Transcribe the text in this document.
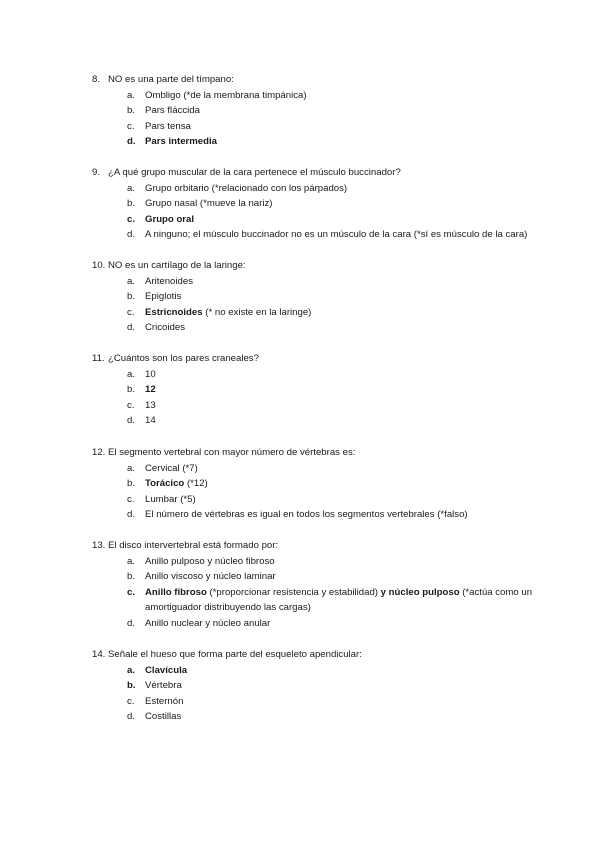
8. NO es una parte del tímpano:
a.	Ombligo (*de la membrana timpánica)
b.	Pars fláccida
c.	Pars tensa
d. Pars intermedia
9. ¿A qué grupo muscular de la cara pertenece el músculo buccinador?
a.	Grupo orbitario (*relacionado con los párpados)
b.	Grupo nasal (*mueve la nariz)
c.	Grupo oral
d.	A ninguno; el músculo buccinador no es un músculo de la cara (*sí es músculo de la cara)
10. NO es un cartílago de la laringe:
a.	Aritenoides
b.	Epiglotis
c.	Estricnoides (* no existe en la laringe)
d.	Cricoides
11. ¿Cuántos son los pares craneales?
a.	10
b.	12
c.	13
d.	14
12. El segmento vertebral con mayor número de vértebras es:
a.	Cervical (*7)
b.	Torácico (*12)
c.	Lumbar (*5)
d.	El número de vértebras es igual en todos los segmentos vertebrales (*falso)
13. El disco intervertebral está formado por:
a.	Anillo pulposo y núcleo fibroso
b.	Anillo viscoso y núcleo laminar
c.	Anillo fibroso (*proporcionar resistencia y estabilidad) y núcleo pulposo (*actúa como un amortiguador distribuyendo las cargas)
d.	Anillo nuclear y núcleo anular
14. Señale el hueso que forma parte del esqueleto apendicular:
a.	Clavícula
b. Vértebra
c.	Esternón
d.	Costillas
